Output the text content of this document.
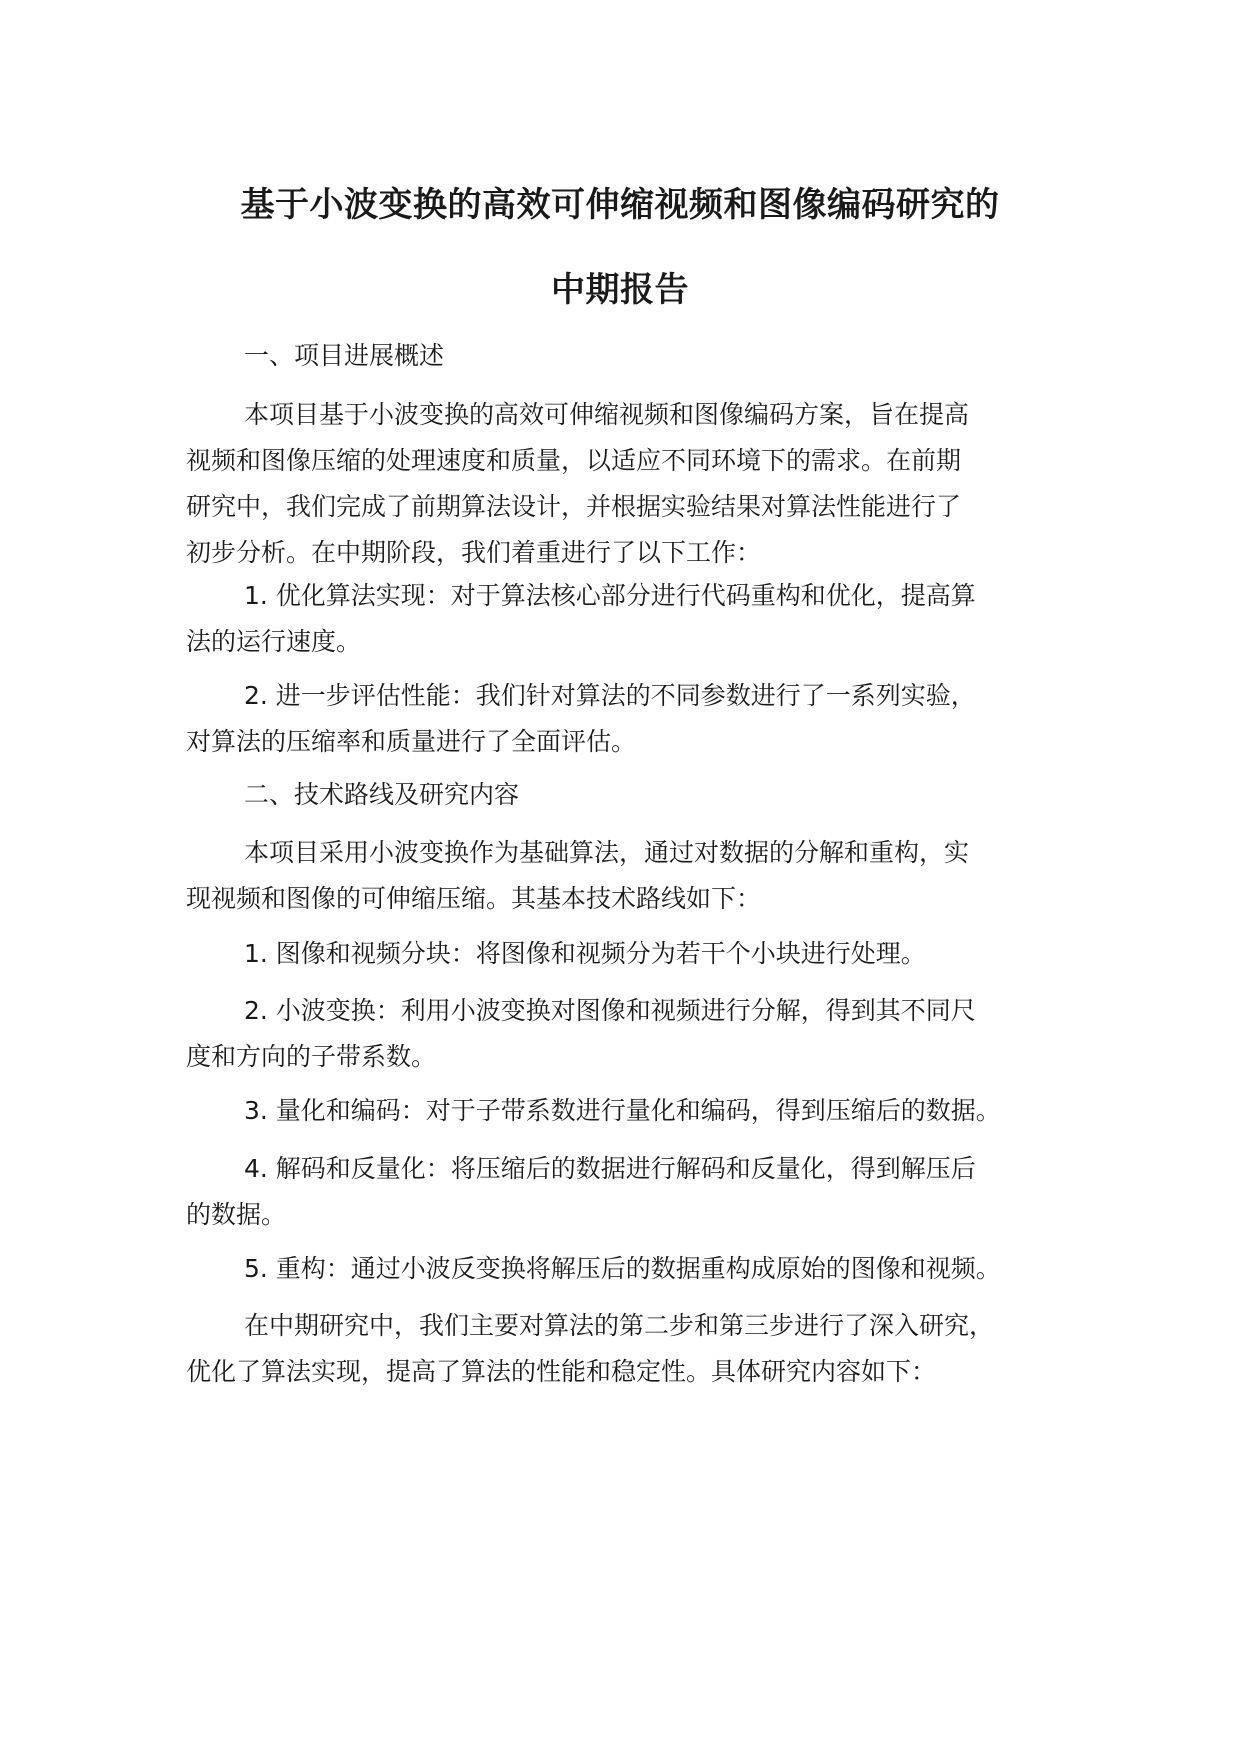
基于小波变换的高效可伸缩视频和图像编码研究的
中期报告
一、项目进展概述
本项目基于小波变换的高效可伸缩视频和图像编码方案，旨在提高
视频和图像压缩的处理速度和质量，以适应不同环境下的需求。在前期
研究中，我们完成了前期算法设计，并根据实验结果对算法性能进行了
初步分析。在中期阶段，我们着重进行了以下工作：
1. 优化算法实现：对于算法核心部分进行代码重构和优化，提高算
法的运行速度。
2. 进一步评估性能：我们针对算法的不同参数进行了一系列实验，
对算法的压缩率和质量进行了全面评估。
二、技术路线及研究内容
本项目采用小波变换作为基础算法，通过对数据的分解和重构，实
现视频和图像的可伸缩压缩。其基本技术路线如下：
1. 图像和视频分块：将图像和视频分为若干个小块进行处理。
2. 小波变换：利用小波变换对图像和视频进行分解，得到其不同尺
度和方向的子带系数。
3. 量化和编码：对于子带系数进行量化和编码，得到压缩后的数据。
4. 解码和反量化：将压缩后的数据进行解码和反量化，得到解压后
的数据。
5. 重构：通过小波反变换将解压后的数据重构成原始的图像和视频。
在中期研究中，我们主要对算法的第二步和第三步进行了深入研究，
优化了算法实现，提高了算法的性能和稳定性。具体研究内容如下：
